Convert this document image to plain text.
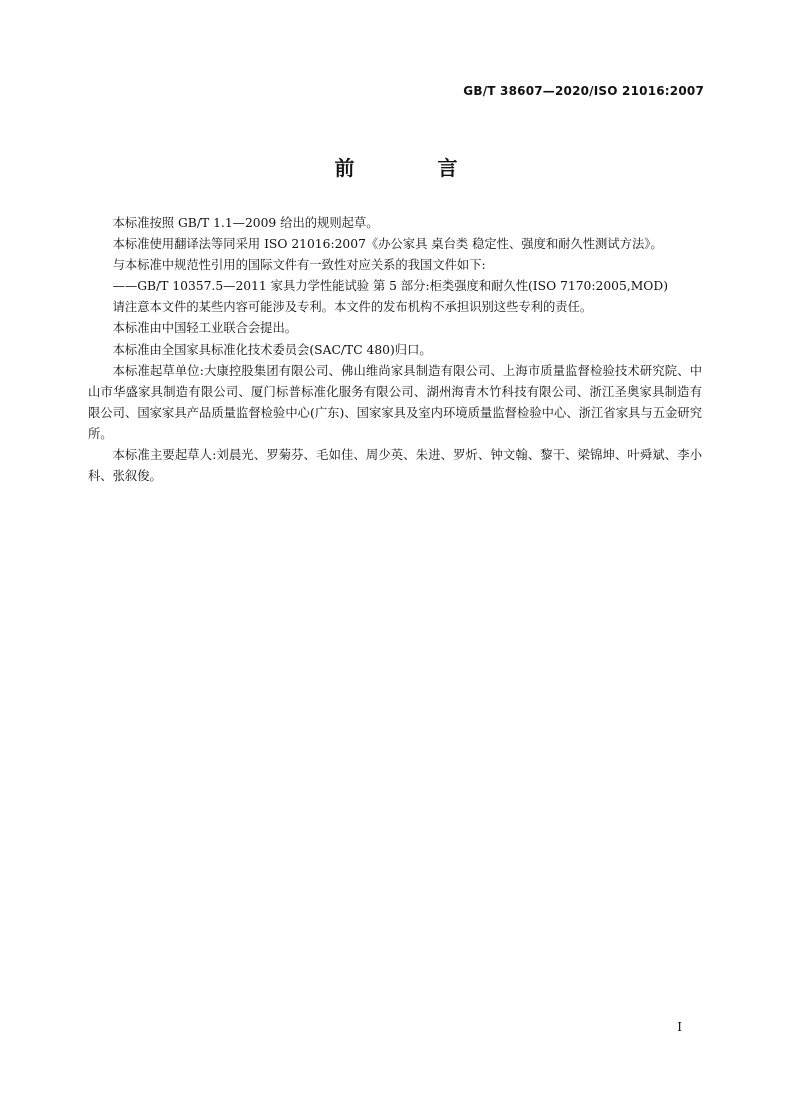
GB/T 38607—2020/ISO 21016:2007
前 言

本标准按照 GB/T 1.1—2009 给出的规则起草。

本标准使用翻译法等同采用 ISO 21016:2007《办公家具 桌台类 稳定性、强度和耐久性测试方法》。

与本标准中规范性引用的国际文件有一致性对应关系的我国文件如下:

——GB/T 10357.5—2011 家具力学性能试验 第 5 部分:柜类强度和耐久性(ISO 7170:2005,MOD)

请注意本文件的某些内容可能涉及专利。本文件的发布机构不承担识别这些专利的责任。

本标准由中国轻工业联合会提出。

本标准由全国家具标准化技术委员会(SAC/TC 480)归口。

本标准起草单位:大康控股集团有限公司、佛山维尚家具制造有限公司、上海市质量监督检验技术研究院、中山市华盛家具制造有限公司、厦门标普标准化服务有限公司、湖州海青木竹科技有限公司、浙江圣奥家具制造有限公司、国家家具产品质量监督检验中心(广东)、国家家具及室内环境质量监督检验中心、浙江省家具与五金研究所。

本标准主要起草人:刘晨光、罗菊芬、毛如佳、周少英、朱进、罗炘、钟文翰、黎干、梁锦坤、叶舜斌、李小科、张叙俊。

I
